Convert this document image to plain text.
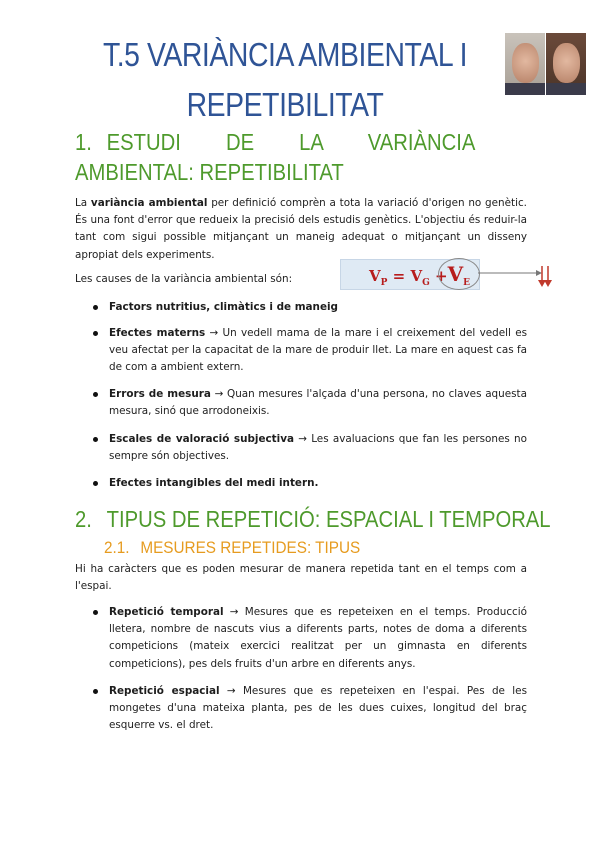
T.5 VARIÀNCIA AMBIENTAL I REPETIBILITAT
1. ESTUDI DE LA VARIÀNCIA AMBIENTAL: REPETIBILITAT
La variància ambiental per definició comprèn a tota la variació d'origen no genètic. És una font d'error que redueix la precisió dels estudis genètics. L'objectiu és reduir-la tant com sigui possible mitjançant un maneig adequat o mitjançant un disseny apropiat dels experiments.
Les causes de la variància ambiental són:	$V_P = V_G +V_E$
Factors nutritius, climàtics i de maneig
Efectes materns → Un vedell mama de la mare i el creixement del vedell es veu afectat per la capacitat de la mare de produir llet. La mare en aquest cas fa de com a ambient extern.
Errors de mesura → Quan mesures l'alçada d'una persona, no claves aquesta mesura, sinó que arrodoneixis.
Escales de valoració subjectiva → Les avaluacions que fan les persones no sempre són objectives.
Efectes intangibles del medi intern.
2. TIPUS DE REPETICIÓ: ESPACIAL I TEMPORAL
2.1. MESURES REPETIDES: TIPUS
Hi ha caràcters que es poden mesurar de manera repetida tant en el temps com a l'espai.
Repetició temporal → Mesures que es repeteixen en el temps. Producció lletera, nombre de nascuts vius a diferents parts, notes de doma a diferents competicions (mateix exercici realitzat per un gimnasta en diferents competicions), pes dels fruits d'un arbre en diferents anys.
Repetició espacial → Mesures que es repeteixen en l'espai. Pes de les mongetes d'una mateixa planta, pes de les dues cuixes, longitud del braç esquerre vs. el dret.
